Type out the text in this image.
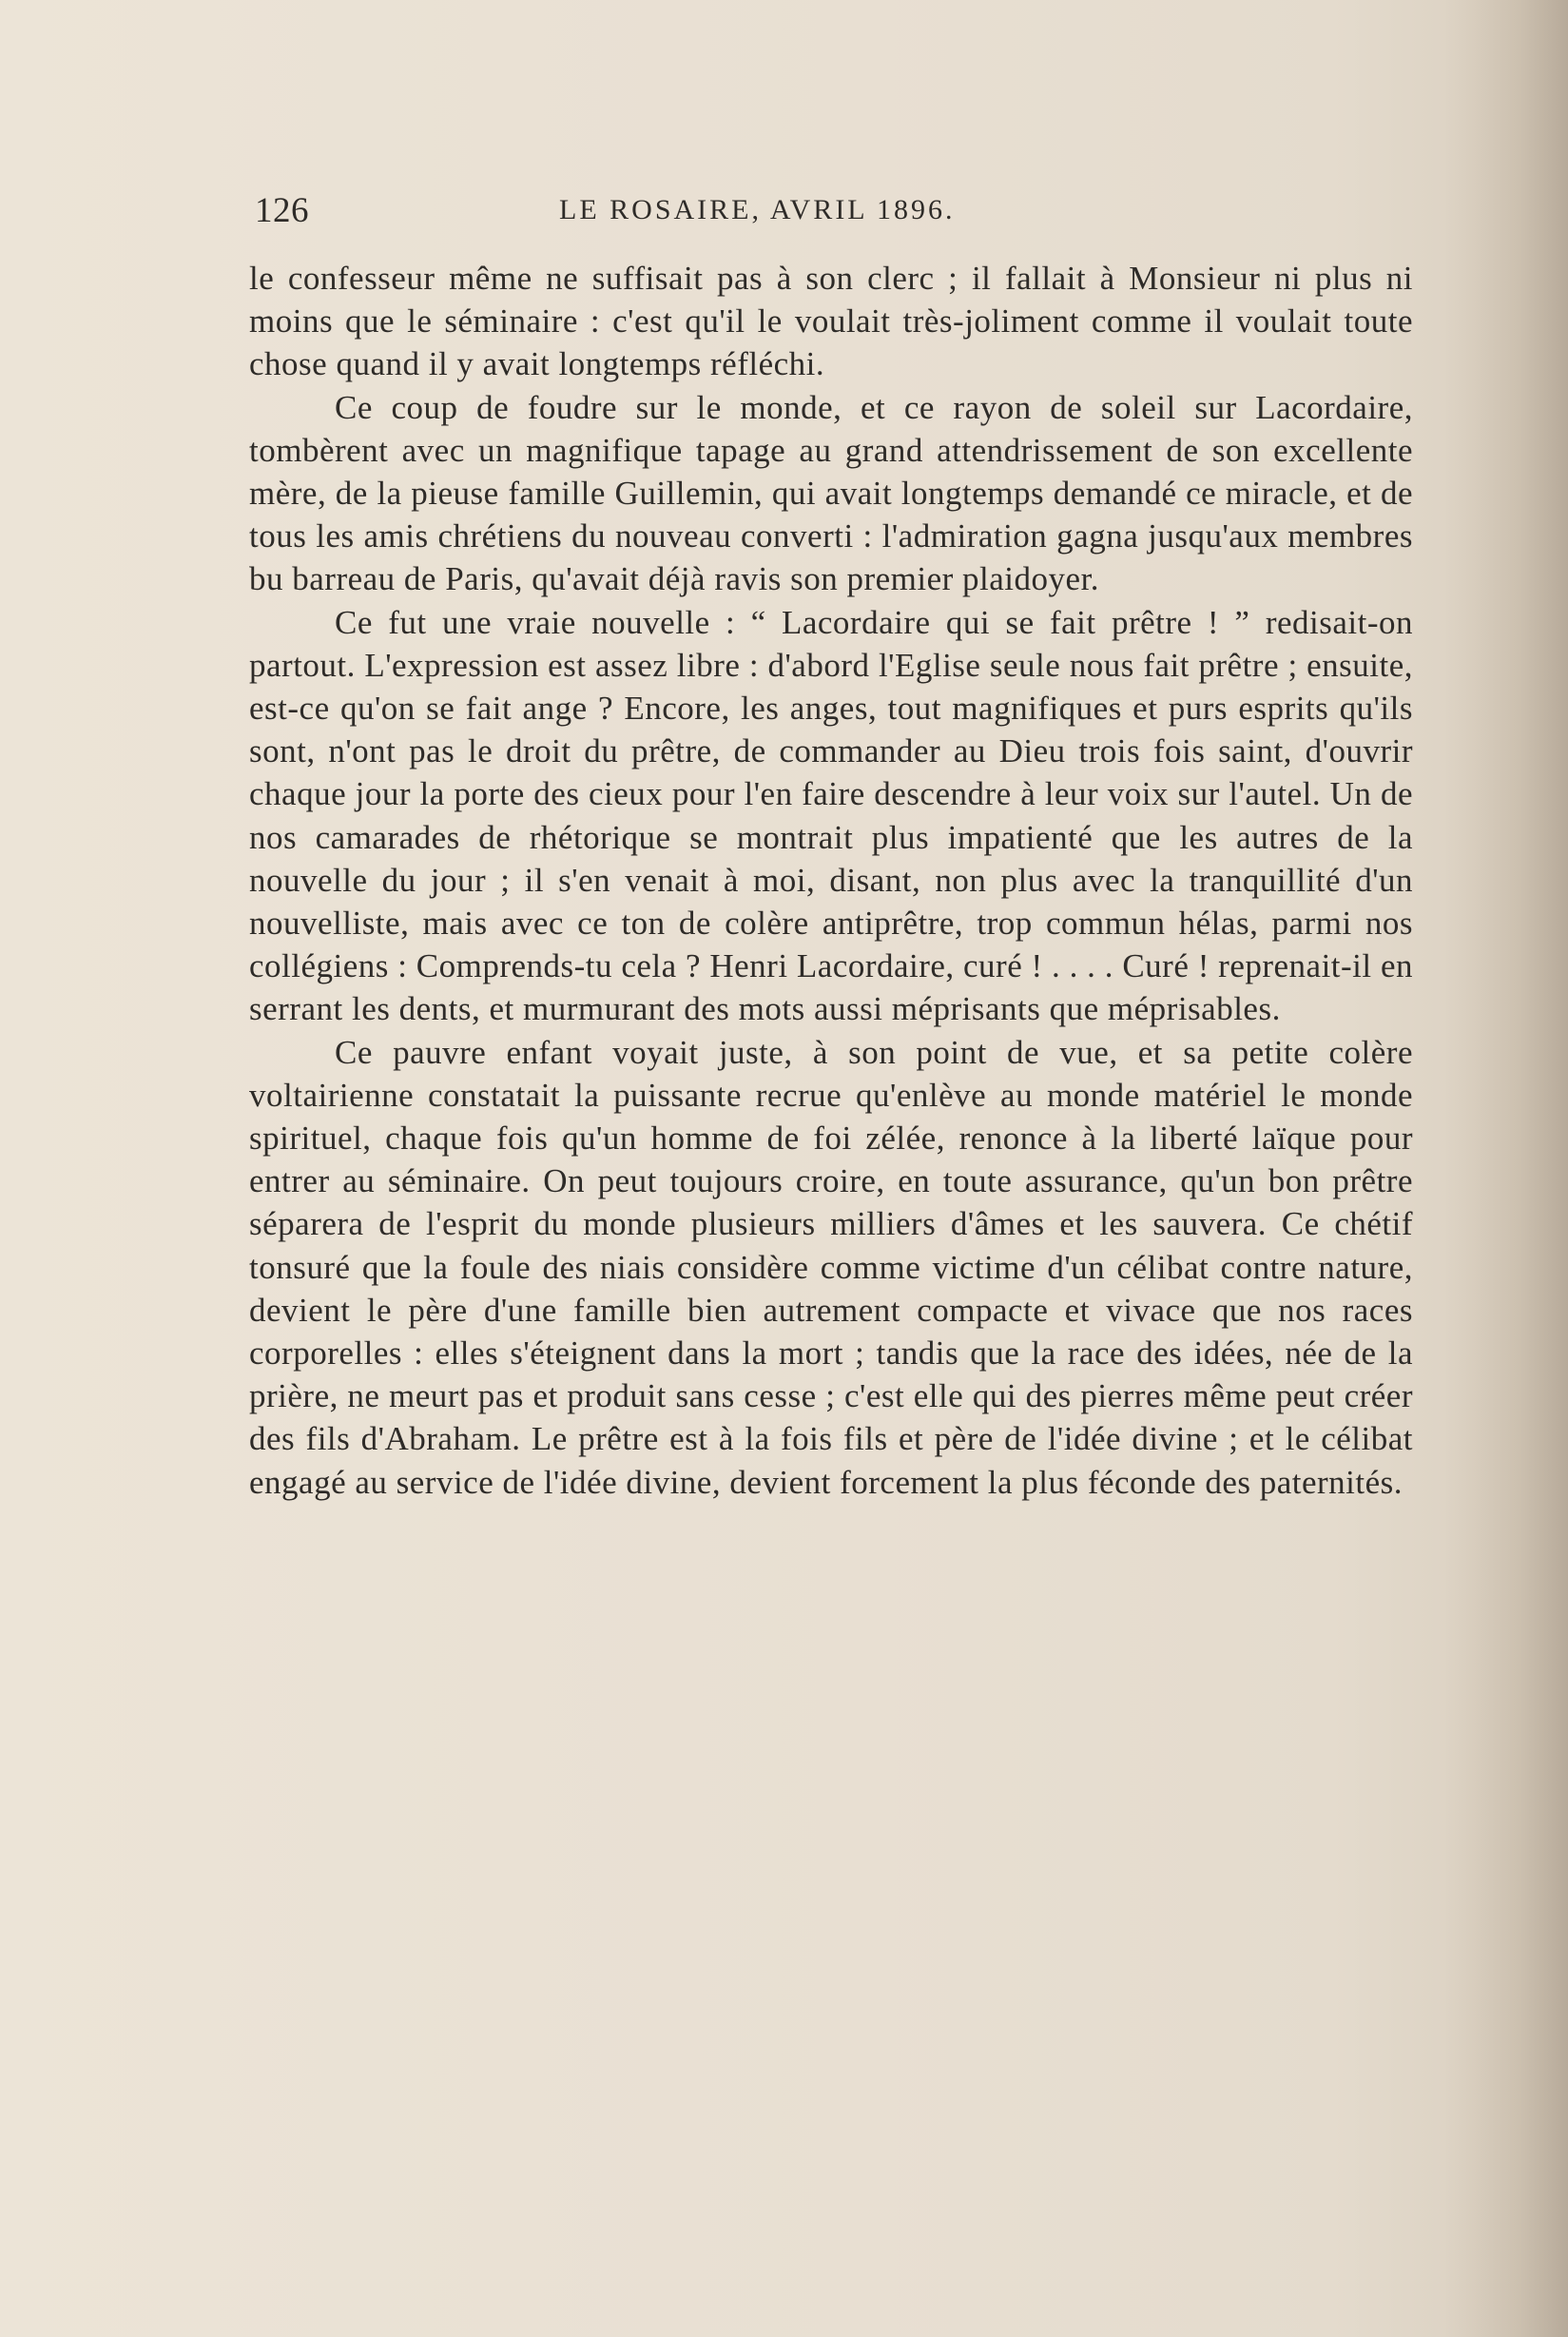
126	LE ROSAIRE, AVRIL 1896.

le confesseur même ne suffisait pas à son clerc ; il fallait à Monsieur ni plus ni moins que le séminaire : c'est qu'il le voulait très-joliment comme il voulait toute chose quand il y avait longtemps réfléchi.

Ce coup de foudre sur le monde, et ce rayon de soleil sur Lacordaire, tombèrent avec un magnifique tapage au grand attendrissement de son excellente mère, de la pieuse famille Guillemin, qui avait longtemps demandé ce miracle, et de tous les amis chrétiens du nouveau converti : l'admiration gagna jusqu'aux membres bu barreau de Paris, qu'avait déjà ravis son premier plaidoyer.

Ce fut une vraie nouvelle : “ Lacordaire qui se fait prêtre ! ” redisait-on partout. L'expression est assez libre : d'abord l'Eglise seule nous fait prêtre ; ensuite, est-ce qu'on se fait ange ? Encore, les anges, tout magnifiques et purs esprits qu'ils sont, n'ont pas le droit du prêtre, de commander au Dieu trois fois saint, d'ouvrir chaque jour la porte des cieux pour l'en faire descendre à leur voix sur l'autel. Un de nos camarades de rhétorique se montrait plus impatienté que les autres de la nouvelle du jour ; il s'en venait à moi, disant, non plus avec la tranquillité d'un nouvelliste, mais avec ce ton de colère antiprêtre, trop commun hélas, parmi nos collégiens : Comprends-tu cela ? Henri Lacordaire, curé ! . . . . Curé ! reprenait-il en serrant les dents, et murmurant des mots aussi méprisants que méprisables.

Ce pauvre enfant voyait juste, à son point de vue, et sa petite colère voltairienne constatait la puissante recrue qu'enlève au monde matériel le monde spirituel, chaque fois qu'un homme de foi zélée, renonce à la liberté laïque pour entrer au séminaire. On peut toujours croire, en toute assurance, qu'un bon prêtre séparera de l'esprit du monde plusieurs milliers d'âmes et les sauvera. Ce chétif tonsuré que la foule des niais considère comme victime d'un célibat contre nature, devient le père d'une famille bien autrement compacte et vivace que nos races corporelles : elles s'éteignent dans la mort ; tandis que la race des idées, née de la prière, ne meurt pas et produit sans cesse ; c'est elle qui des pierres même peut créer des fils d'Abraham. Le prêtre est à la fois fils et père de l'idée divine ; et le célibat engagé au service de l'idée divine, devient forcement la plus féconde des paternités.
